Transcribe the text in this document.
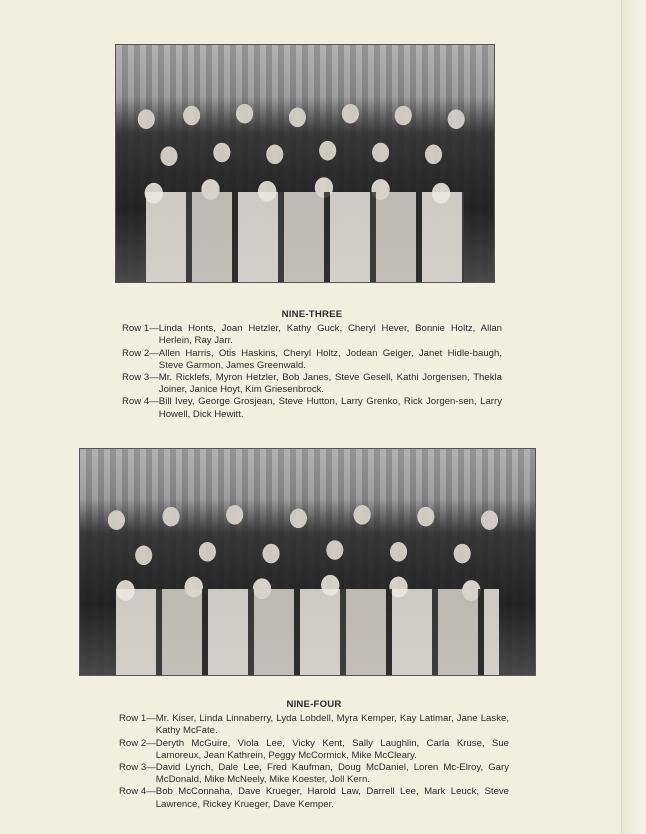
NINE-THREE
Row 1— Linda Honts, Joan Hetzler, Kathy Guck, Cheryl Hever, Bonnie Holtz, Allan Herlein, Ray Jarr.
Row 2— Allen Harris, Otis Haskins, Cheryl Holtz, Jodean Geiger, Janet Hidle-baugh, Steve Garmon, James Greenwald.
Row 3— Mr. Ricklefs, Myron Hetzler, Bob Janes, Steve Gesell, Kathi Jorgensen, Thekla Joiner, Janice Hoyt, Kim Griesenbrock.
Row 4— Bill Ivey, George Grosjean, Steve Hutton, Larry Grenko, Rick Jorgen-sen, Larry Howell, Dick Hewitt.
NINE-FOUR
Row 1— Mr. Kiser, Linda Linnaberry, Lyda Lobdell, Myra Kemper, Kay Latimar, Jane Laske, Kathy McFate.
Row 2— Deryth McGuire, Viola Lee, Vicky Kent, Sally Laughlin, Carla Kruse, Sue Lamoreux, Jean Kathrein, Peggy McCormick, Mike McCleary.
Row 3— David Lynch, Dale Lee, Fred Kaufman, Doug McDaniel, Loren Mc-Elroy, Gary McDonald, Mike McNeely, Mike Koester, Joll Kern.
Row 4— Bob McConnaha, Dave Krueger, Harold Law, Darrell Lee, Mark Leuck, Steve Lawrence, Rickey Krueger, Dave Kemper.
